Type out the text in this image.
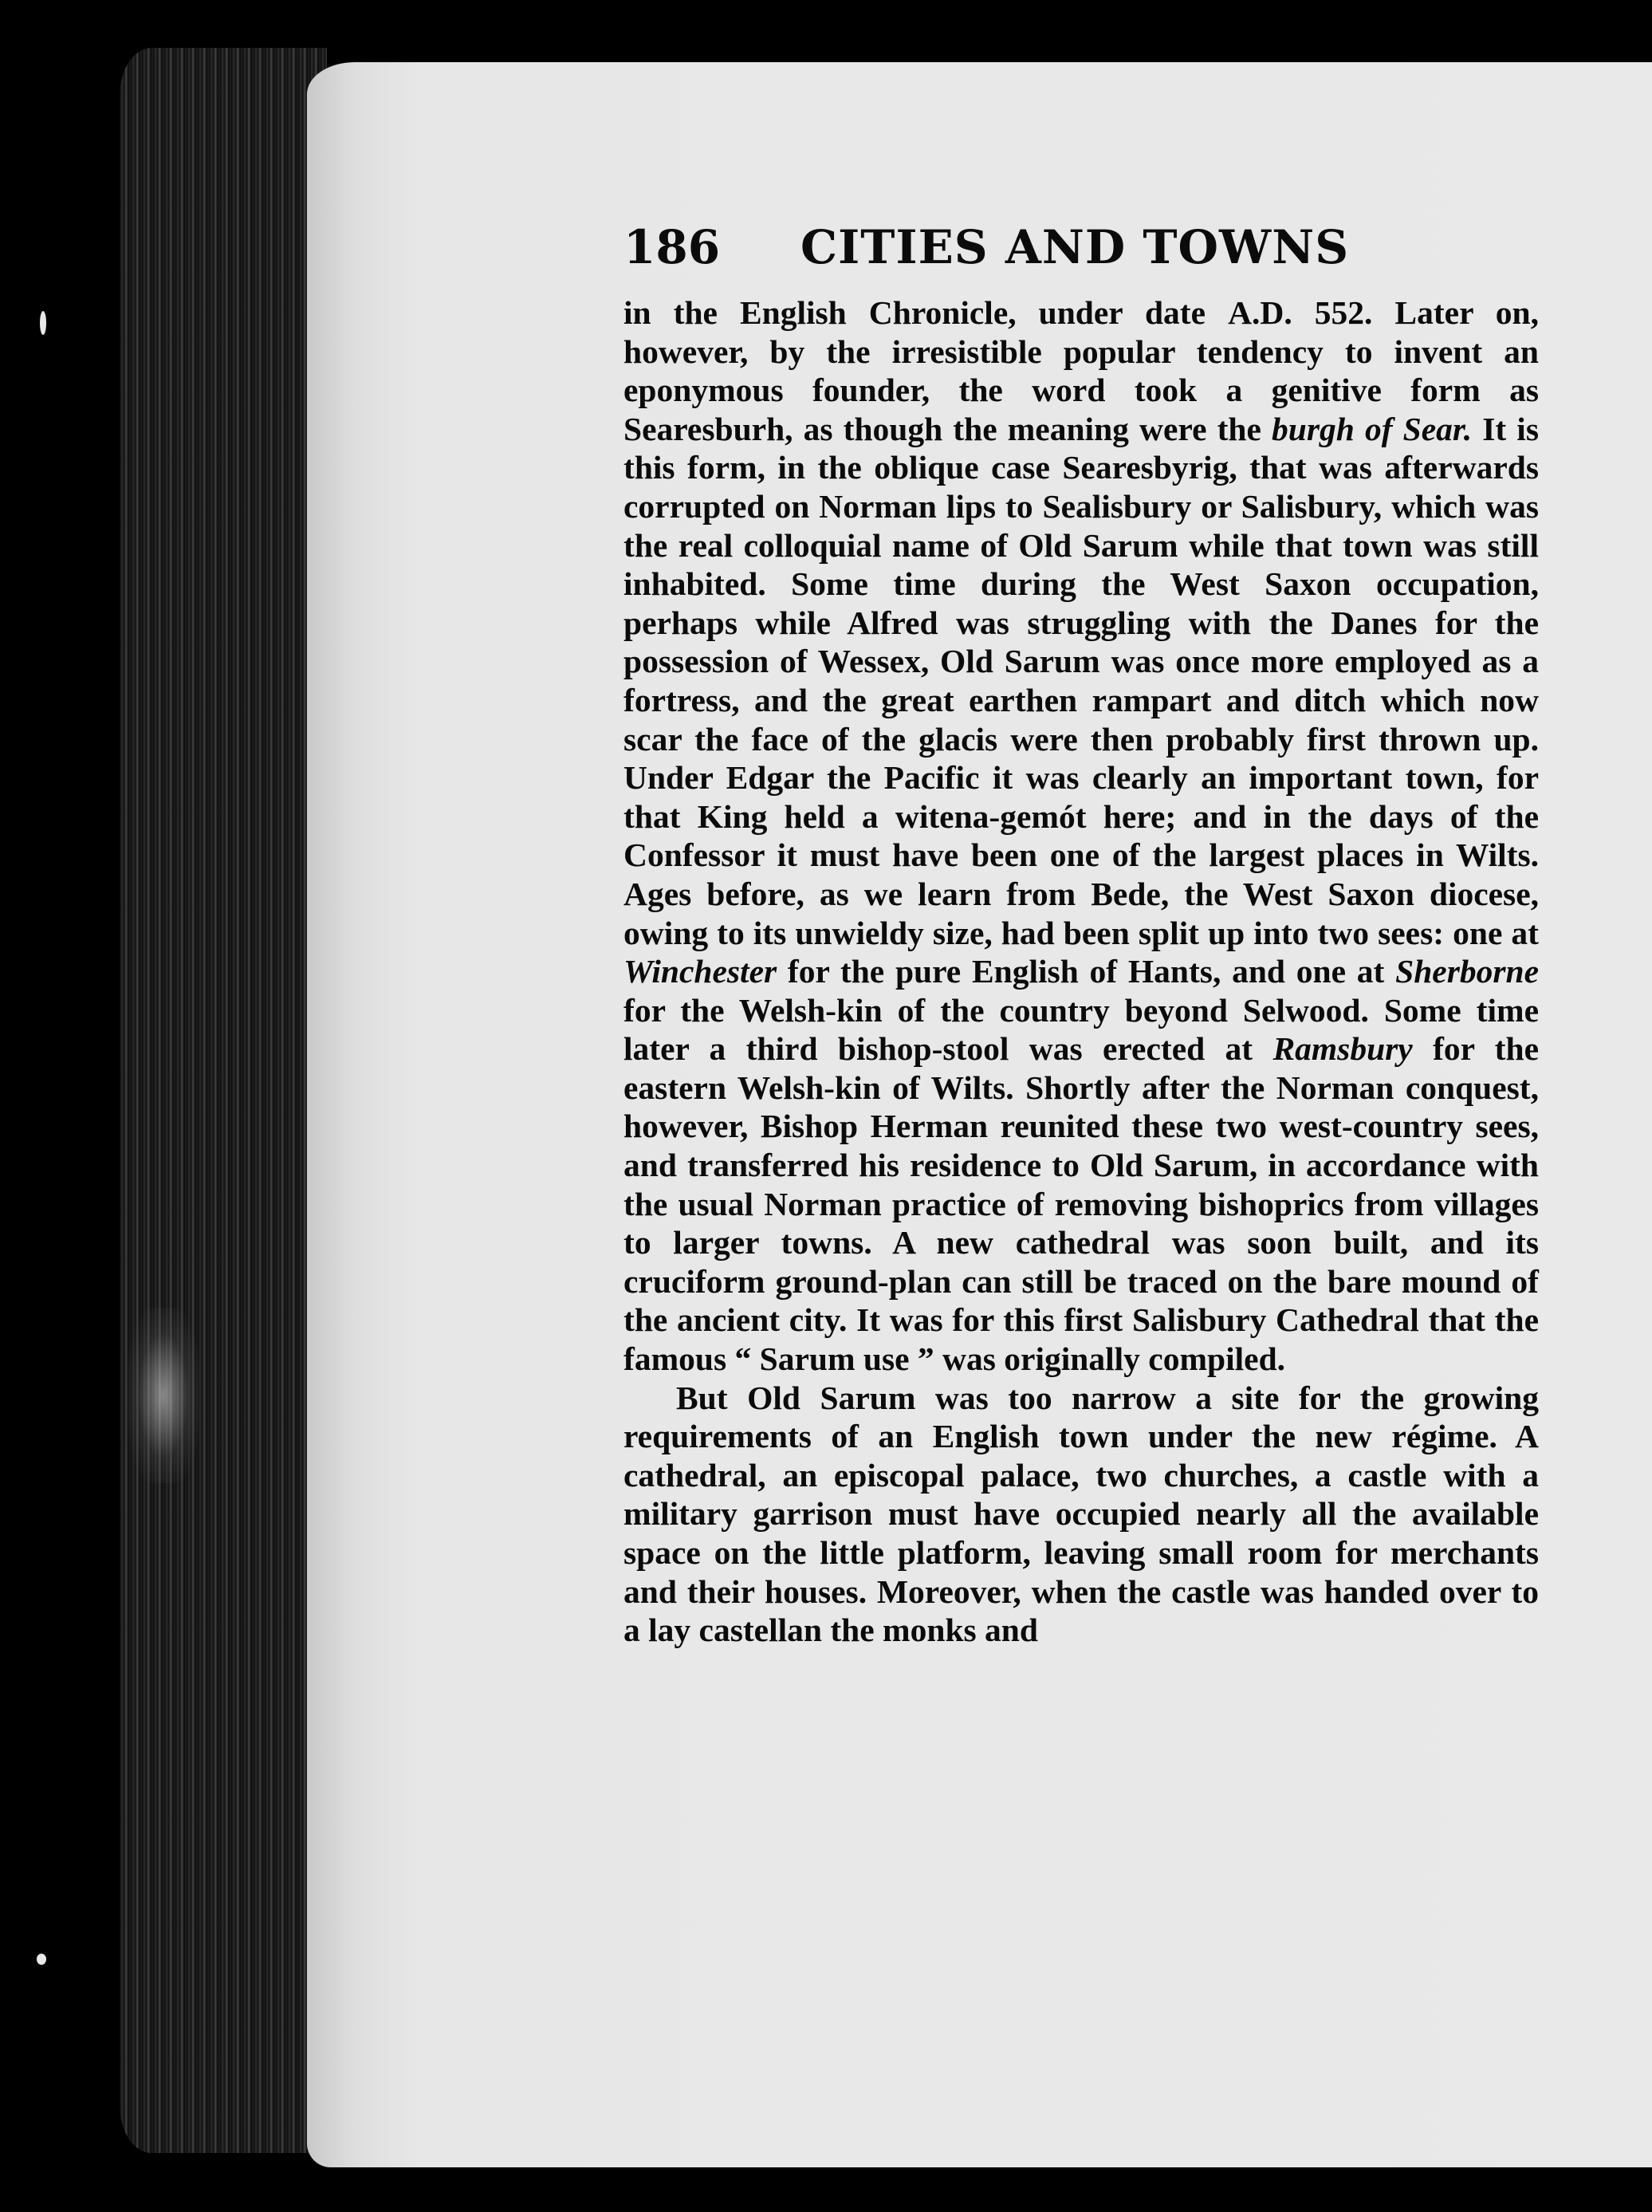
186 CITIES AND TOWNS

in the English Chronicle, under date A.D. 552. Later on, however, by the irresistible popular tendency to invent an eponymous founder, the word took a genitive form as Searesburh, as though the meaning were the burgh of Sear. It is this form, in the oblique case Searesbyrig, that was afterwards corrupted on Norman lips to Sealisbury or Salisbury, which was the real colloquial name of Old Sarum while that town was still inhabited. Some time during the West Saxon occupation, perhaps while Alfred was struggling with the Danes for the possession of Wessex, Old Sarum was once more employed as a fortress, and the great earthen rampart and ditch which now scar the face of the glacis were then probably first thrown up. Under Edgar the Pacific it was clearly an important town, for that King held a witena-gemót here; and in the days of the Confessor it must have been one of the largest places in Wilts. Ages before, as we learn from Bede, the West Saxon diocese, owing to its unwieldy size, had been split up into two sees: one at Winchester for the pure English of Hants, and one at Sherborne for the Welsh-kin of the country beyond Selwood. Some time later a third bishop-stool was erected at Ramsbury for the eastern Welsh-kin of Wilts. Shortly after the Norman conquest, however, Bishop Herman reunited these two west-country sees, and transferred his residence to Old Sarum, in accordance with the usual Norman practice of removing bishoprics from villages to larger towns. A new cathedral was soon built, and its cruciform ground-plan can still be traced on the bare mound of the ancient city. It was for this first Salisbury Cathedral that the famous “ Sarum use ” was originally compiled.

But Old Sarum was too narrow a site for the growing requirements of an English town under the new régime. A cathedral, an episcopal palace, two churches, a castle with a military garrison must have occupied nearly all the available space on the little platform, leaving small room for merchants and their houses. Moreover, when the castle was handed over to a lay castellan the monks and
